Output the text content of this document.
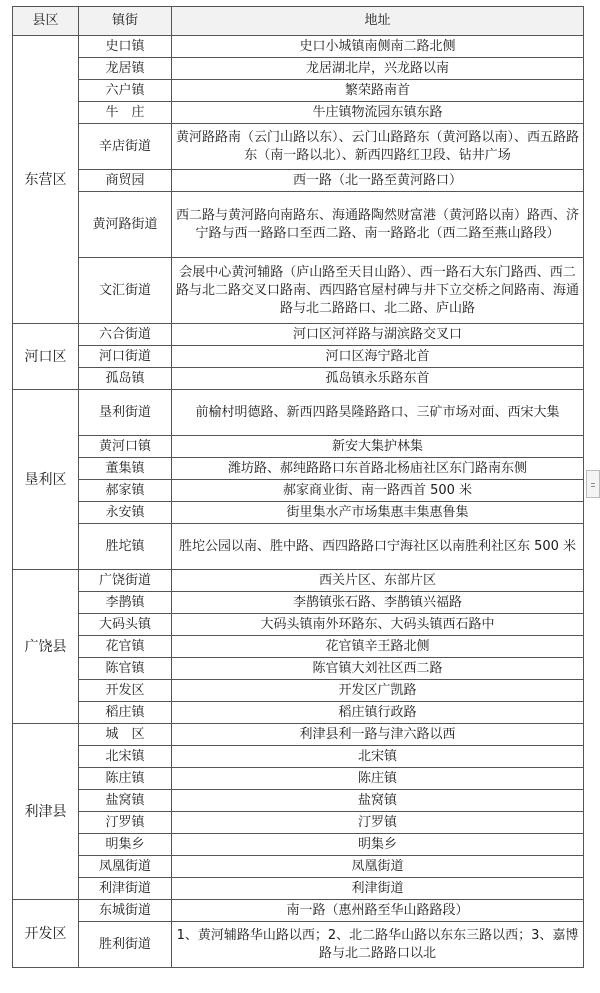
县区	镇街	地址
东营区	史口镇	史口小城镇南侧南二路北侧
	龙居镇	龙居湖北岸，兴龙路以南
	六户镇	繁荣路南首
	牛　庄	牛庄镇物流园东镇东路
	辛店街道	黄河路路南（云门山路以东）、云门山路路东（黄河路以南）、西五路路东（南一路以北）、新西四路红卫段、钻井广场
	商贸园	西一路（北一路至黄河路口）
	黄河路街道	西二路与黄河路向南路东、海通路陶然财富港（黄河路以南）路西、济宁路与西一路路口至西二路、南一路路北（西二路至燕山路段）
	文汇街道	会展中心黄河辅路（庐山路至天目山路）、西一路石大东门路西、西二路与北二路交叉口路南、西四路官屋村碑与井下立交桥之间路南、海通路与北二路路口、北二路、庐山路
河口区	六合街道	河口区河祥路与湖滨路交叉口
	河口街道	河口区海宁路北首
	孤岛镇	孤岛镇永乐路东首
垦利区	垦利街道	前榆村明德路、新西四路昊隆路路口、三矿市场对面、西宋大集
	黄河口镇	新安大集护林集
	董集镇	潍坊路、郝纯路路口东首路北杨庙社区东门路南东侧
	郝家镇	郝家商业街、南一路西首 500 米
	永安镇	街里集水产市场集惠丰集惠鲁集
	胜坨镇	胜坨公园以南、胜中路、西四路路口宁海社区以南胜利社区东 500 米
广饶县	广饶街道	西关片区、东部片区
	李鹊镇	李鹊镇张石路、李鹊镇兴福路
	大码头镇	大码头镇南外环路东、大码头镇西石路中
	花官镇	花官镇辛王路北侧
	陈官镇	陈官镇大刘社区西二路
	开发区	开发区广凯路
	稻庄镇	稻庄镇行政路
利津县	城　区	利津县利一路与津六路以西
	北宋镇	北宋镇
	陈庄镇	陈庄镇
	盐窝镇	盐窝镇
	汀罗镇	汀罗镇
	明集乡	明集乡
	凤凰街道	凤凰街道
	利津街道	利津街道
开发区	东城街道	南一路（惠州路至华山路路段）
	胜利街道	1、黄河辅路华山路以西；2、北二路华山路以东东三路以西；3、嘉博路与北二路路口以北
